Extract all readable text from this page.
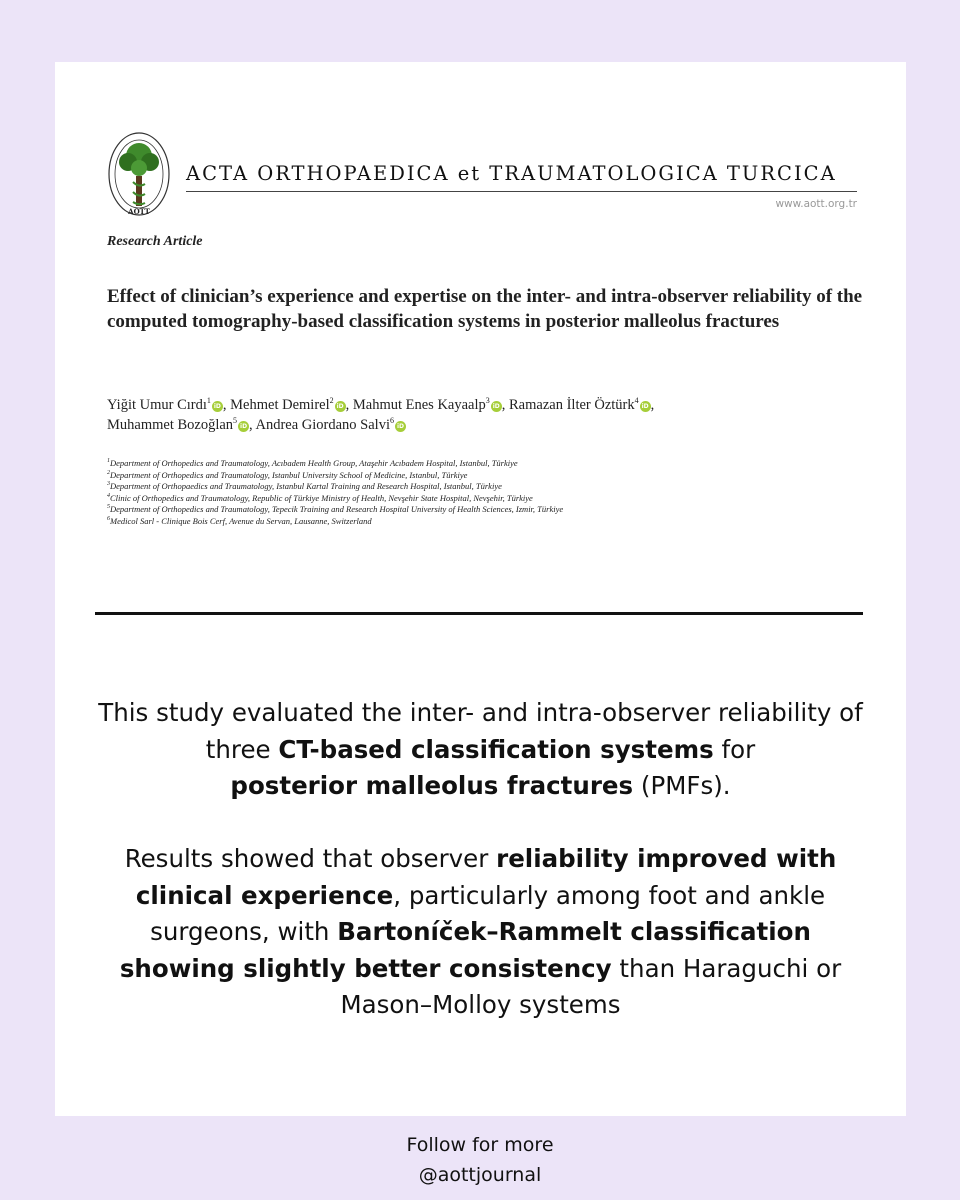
AOTT
ACTA ORTHOPAEDICA et TRAUMATOLOGICA TURCICA
www.aott.org.tr
Research Article
Effect of clinician’s experience and expertise on the inter- and intra-observer reliability of the computed tomography-based classification systems in posterior malleolus fractures
Yiğit Umur Cırdı$^1$iD , Mehmet Demirel$^2$iD , Mahmut Enes Kayaalp$^3$iD , Ramazan İlter Öztürk$^4$iD ,
Muhammet Bozoğlan$^5$iD , Andrea Giordano Salvi$^6$iD
$^1$Department of Orthopedics and Traumatology, Acıbadem Health Group, Ataşehir Acıbadem Hospital, Istanbul, Türkiye
$^2$Department of Orthopedics and Traumatology, Istanbul University School of Medicine, Istanbul, Türkiye
$^3$Department of Orthopaedics and Traumatology, Istanbul Kartal Training and Research Hospital, Istanbul, Türkiye
$^4$Clinic of Orthopedics and Traumatology, Republic of Türkiye Ministry of Health, Nevşehir State Hospital, Nevşehir, Türkiye
$^5$Department of Orthopedics and Traumatology, Tepecik Training and Research Hospital University of Health Sciences, Izmir, Türkiye
$^6$Medicol Sarl - Clinique Bois Cerf, Avenue du Servan, Lausanne, Switzerland

This study evaluated the inter- and intra-observer reliability of three CT-based classification systems for
posterior malleolus fractures (PMFs).

Results showed that observer reliability improved with clinical experience, particularly among foot and ankle surgeons, with Bartoníček–Rammelt classification showing slightly better consistency than Haraguchi or Mason–Molloy systems

Follow for more
@aottjournal
